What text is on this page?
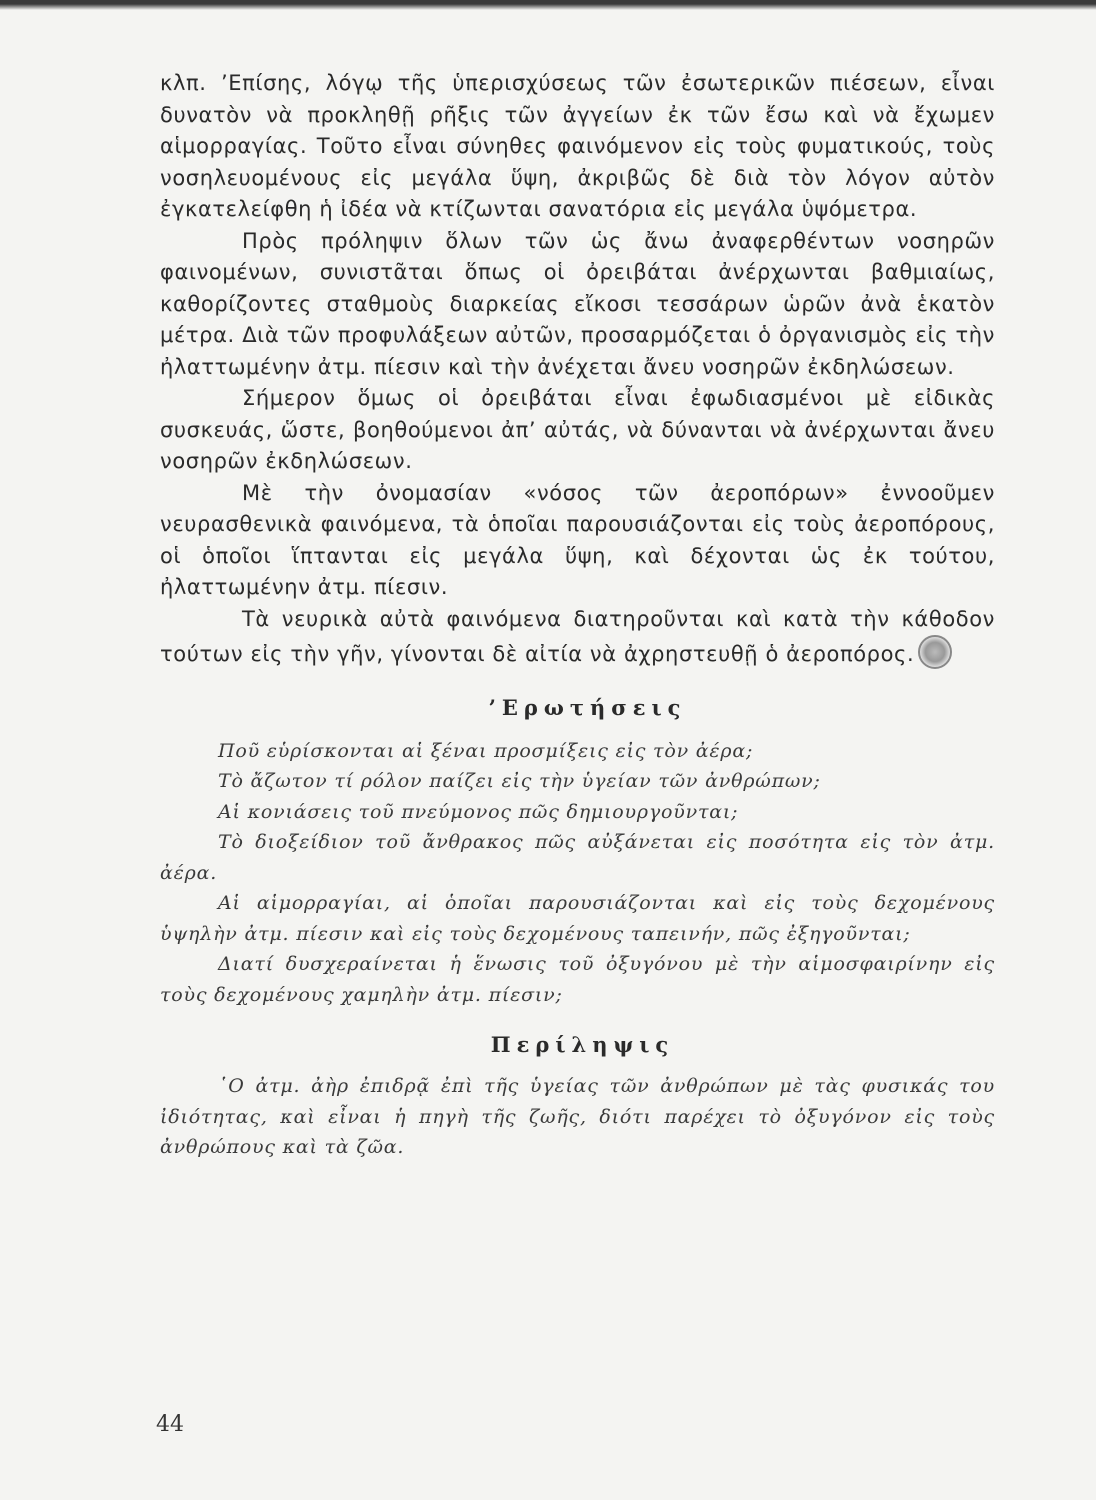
κλπ. ’Επίσης, λόγῳ τῆς ὑπερισχύσεως τῶν ἐσωτερικῶν πιέσεων, εἶναι δυνατὸν νὰ προκληθῇ ρῆξις τῶν ἀγγείων ἐκ τῶν ἔσω καὶ νὰ ἔχωμεν αἱμορραγίας. Τοῦτο εἶναι σύνηθες φαινόμενον εἰς τοὺς φυματικούς, τοὺς νοσηλευομένους εἰς μεγάλα ὕψη, ἀκριβῶς δὲ διὰ τὸν λόγον αὐτὸν ἐγκατελείφθη ἡ ἰδέα νὰ κτίζωνται σανατόρια εἰς μεγάλα ὑψόμετρα.

Πρὸς πρόληψιν ὅλων τῶν ὡς ἄνω ἀναφερθέντων νοσηρῶν φαινομένων, συνιστᾶται ὅπως οἱ ὀρειβάται ἀνέρχωνται βαθμιαίως, καθορίζοντες σταθμοὺς διαρκείας εἴκοσι τεσσάρων ὡρῶν ἀνὰ ἑκατὸν μέτρα. Διὰ τῶν προφυλάξεων αὐτῶν, προσαρμόζεται ὁ ὀργανισμὸς εἰς τὴν ἠλαττωμένην ἀτμ. πίεσιν καὶ τὴν ἀνέχεται ἄνευ νοσηρῶν ἐκδηλώσεων.

Σήμερον ὅμως οἱ ὀρειβάται εἶναι ἐφωδιασμένοι μὲ εἰδικὰς συσκευάς, ὥστε, βοηθούμενοι ἀπ’ αὐτάς, νὰ δύνανται νὰ ἀνέρχωνται ἄνευ νοσηρῶν ἐκδηλώσεων.

Μὲ τὴν ὀνομασίαν «νόσος τῶν ἀεροπόρων» ἐννοοῦμεν νευρασθενικὰ φαινόμενα, τὰ ὁποῖαι παρουσιάζονται εἰς τοὺς ἀεροπόρους, οἱ ὁποῖοι ἵπτανται εἰς μεγάλα ὕψη, καὶ δέχονται ὡς ἐκ τούτου, ἠλαττωμένην ἀτμ. πίεσιν.

Τὰ νευρικὰ αὐτὰ φαινόμενα διατηροῦνται καὶ κατὰ τὴν κάθοδον τούτων εἰς τὴν γῆν, γίνονται δὲ αἰτία νὰ ἀχρηστευθῇ ὁ ἀεροπόρος.

’Ερωτήσεις

Ποῦ εὑρίσκονται αἱ ξέναι προσμίξεις εἰς τὸν ἀέρα;

Τὸ ἄζωτον τί ρόλον παίζει εἰς τὴν ὑγείαν τῶν ἀνθρώπων;

Αἱ κονιάσεις τοῦ πνεύμονος πῶς δημιουργοῦνται;

Τὸ διοξείδιον τοῦ ἄνθρακος πῶς αὐξάνεται εἰς ποσότητα εἰς τὸν ἀτμ. ἀέρα.

Αἱ αἱμορραγίαι, αἱ ὁποῖαι παρουσιάζονται καὶ εἰς τοὺς δεχομένους ὑψηλὴν ἀτμ. πίεσιν καὶ εἰς τοὺς δεχομένους ταπεινήν, πῶς ἐξηγοῦνται;

Διατί δυσχεραίνεται ἡ ἕνωσις τοῦ ὀξυγόνου μὲ τὴν αἱμοσφαιρίνην εἰς τοὺς δεχομένους χαμηλὴν ἀτμ. πίεσιν;

Περίληψις

῾Ο ἀτμ. ἀὴρ ἐπιδρᾷ ἐπὶ τῆς ὑγείας τῶν ἀνθρώπων μὲ τὰς φυσικάς του ἰδιότητας, καὶ εἶναι ἡ πηγὴ τῆς ζωῆς, διότι παρέχει τὸ ὀξυγόνον εἰς τοὺς ἀνθρώπους καὶ τὰ ζῶα.

44
